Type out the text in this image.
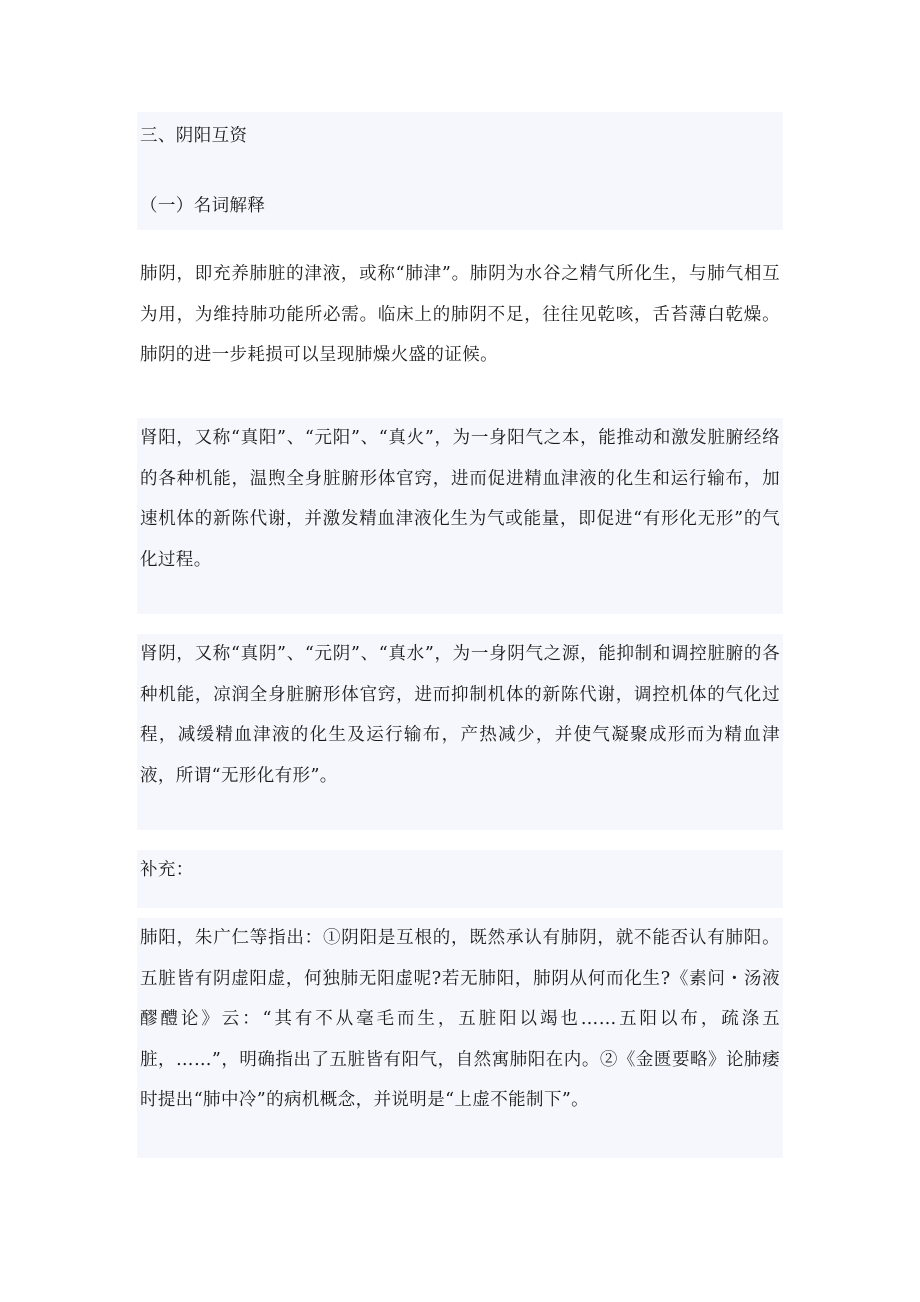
三、阴阳互资
（一）名词解释
肺阴，即充养肺脏的津液，或称“肺津”。肺阴为水谷之精气所化生，与肺气相互为用，为维持肺功能所必需。临床上的肺阴不足，往往见乾咳，舌苔薄白乾燥。肺阴的进一步耗损可以呈现肺燥火盛的证候。
肾阳，又称“真阳”、“元阳”、“真火”，为一身阳气之本，能推动和激发脏腑经络的各种机能，温煦全身脏腑形体官窍，进而促进精血津液的化生和运行输布，加速机体的新陈代谢，并激发精血津液化生为气或能量，即促进“有形化无形”的气化过程。
肾阴，又称“真阴”、“元阴”、“真水”，为一身阴气之源，能抑制和调控脏腑的各种机能，凉润全身脏腑形体官窍，进而抑制机体的新陈代谢，调控机体的气化过程，减缓精血津液的化生及运行输布，产热减少，并使气凝聚成形而为精血津液，所谓“无形化有形”。
补充：
肺阳，朱广仁等指出：①阴阳是互根的，既然承认有肺阴，就不能否认有肺阳。五脏皆有阴虚阳虚，何独肺无阳虚呢?若无肺阳，肺阴从何而化生?《素问・汤液醪醴论》云：“其有不从毫毛而生，五脏阳以竭也……五阳以布，疏涤五脏，……”，明确指出了五脏皆有阳气，自然寓肺阳在内。②《金匮要略》论肺痿时提出“肺中冷”的病机概念，并说明是“上虚不能制下”。
